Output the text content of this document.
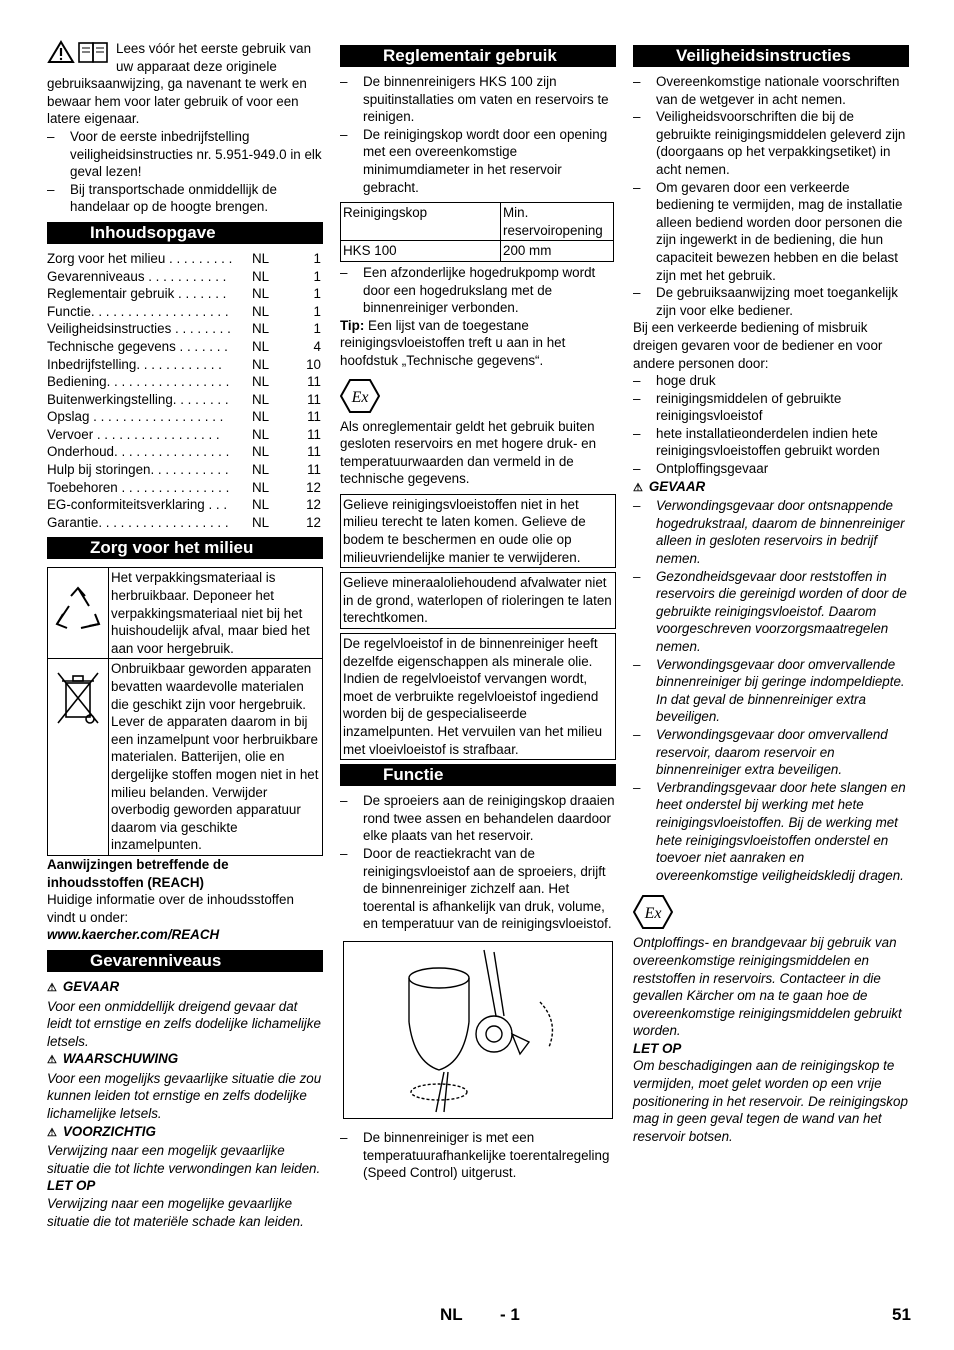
Lees vóór het eerste gebruik van uw apparaat deze originele gebruiksaanwijzing, ga navenant te werk en bewaar hem voor later gebruik of voor een latere eigenaar.

– Voor de eerste inbedrijfstelling veiligheidsinstructies nr. 5.951-949.0 in elk geval lezen!

– Bij transportschade onmiddellijk de handelaar op de hoogte brengen.

Inhoudsopgave
Zorg voor het milieu . . . . . . . . .	NL	1
Gevarenniveaus . . . . . . . . . . .	NL	1
Reglementair gebruik . . . . . . .	NL	1
Functie. . . . . . . . . . . . . . . . . . .	NL	1
Veiligheidsinstructies . . . . . . . .	NL	1
Technische gegevens . . . . . . .	NL	4
Inbedrijfstelling. . . . . . . . . . . .	NL	10
Bediening. . . . . . . . . . . . . . . . .	NL	11
Buitenwerkingstelling. . . . . . . .	NL	11
Opslag . . . . . . . . . . . . . . . . . .	NL	11
Vervoer . . . . . . . . . . . . . . . . .	NL	11
Onderhoud. . . . . . . . . . . . . . . .	NL	11
Hulp bij storingen. . . . . . . . . . .	NL	11
Toebehoren . . . . . . . . . . . . . . .	NL	12
EG-conformiteitsverklaring . . .	NL	12
Garantie. . . . . . . . . . . . . . . . . .	NL	12
Zorg voor het milieu
	Het verpakkingsmateriaal is herbruikbaar. Deponeer het verpakkingsmateriaal niet bij het huishoudelijk afval, maar bied het aan voor hergebruik.
	Onbruikbaar geworden apparaten bevatten waardevolle materialen die geschikt zijn voor hergebruik. Lever de apparaten daarom in bij een inzamelpunt voor herbruikbare materialen. Batterijen, olie en dergelijke stoffen mogen niet in het milieu belanden. Verwijder overbodig geworden apparatuur daarom via geschikte inzamelpunten.

Aanwijzingen betreffende de inhoudsstoffen (REACH)

Huidige informatie over de inhoudsstoffen vindt u onder:

www.kaercher.com/REACH

Gevarenniveaus

⚠ GEVAAR

Voor een onmiddellijk dreigend gevaar dat leidt tot ernstige en zelfs dodelijke lichamelijke letsels.

⚠ WAARSCHUWING

Voor een mogelijks gevaarlijke situatie die zou kunnen leiden tot ernstige en zelfs dodelijke lichamelijke letsels.

⚠ VOORZICHTIG

Verwijzing naar een mogelijk gevaarlijke situatie die tot lichte verwondingen kan leiden.

LET OP

Verwijzing naar een mogelijke gevaarlijke situatie die tot materiële schade kan leiden.

Reglementair gebruik

– De binnenreinigers HKS 100 zijn spuitinstallaties om vaten en reservoirs te reinigen.

– De reinigingskop wordt door een opening met een overeenkomstige minimumdiameter in het reservoir gebracht.

Reinigingskop	Min. reservoiropening
HKS 100	200 mm

– Een afzonderlijke hogedrukpomp wordt door een hogedrukslang met de binnenreiniger verbonden.

Tip: Een lijst van de toegestane reinigingsvloeistoffen treft u aan in het hoofdstuk „Technische gegevens“.

Ex

Als onreglementair geldt het gebruik buiten gesloten reservoirs en met hogere druk- en temperatuurwaarden dan vermeld in de technische gegevens.

Gelieve reinigingsvloeistoffen niet in het milieu terecht te laten komen. Gelieve de bodem te beschermen en oude olie op milieuvriendelijke manier te verwijderen.
Gelieve mineraaloliehoudend afvalwater niet in de grond, waterlopen of rioleringen te laten terechtkomen.
De regelvloeistof in de binnenreiniger heeft dezelfde eigenschappen als minerale olie. Indien de regelvloeistof vervangen wordt, moet de verbruikte regelvloeistof ingediend worden bij de gespecialiseerde inzamelpunten. Het vervuilen van het milieu met vloeivloeistof is strafbaar.
Functie

– De sproeiers aan de reinigingskop draaien rond twee assen en behandelen daardoor elke plaats van het reservoir.

– Door de reactiekracht van de reinigingsvloeistof aan de sproeiers, drijft de binnenreiniger zichzelf aan. Het toerental is afhankelijk van druk, volume, en temperatuur van de reinigingsvloeistof.

– De binnenreiniger is met een temperatuurafhankelijke toerentalregeling (Speed Control) uitgerust.

Veiligheidsinstructies

– Overeenkomstige nationale voorschriften van de wetgever in acht nemen.

– Veiligheidsvoorschriften die bij de gebruikte reinigingsmiddelen geleverd zijn (doorgaans op het verpakkingsetiket) in acht nemen.

– Om gevaren door een verkeerde bediening te vermijden, mag de installatie alleen bediend worden door personen die zijn ingewerkt in de bediening, die hun capaciteit bewezen hebben en die belast zijn met het gebruik.

– De gebruiksaanwijzing moet toegankelijk zijn voor elke bediener.

Bij een verkeerde bediening of misbruik dreigen gevaren voor de bediener en voor andere personen door:

– hoge druk

– reinigingsmiddelen of gebruikte reinigingsvloeistof

– hete installatieonderdelen indien hete reinigingsvloeistoffen gebruikt worden

– Ontploffingsgevaar

⚠ GEVAAR

– Verwondingsgevaar door ontsnappende hogedrukstraal, daarom de binnenreiniger alleen in gesloten reservoirs in bedrijf nemen.

– Gezondheidsgevaar door reststoffen in reservoirs die gereinigd worden of door de gebruikte reinigingsvloeistof. Daarom voorgeschreven voorzorgsmaatregelen nemen.

– Verwondingsgevaar door omvervallende binnenreiniger bij geringe indompeldiepte. In dat geval de binnenreiniger extra beveiligen.

– Verwondingsgevaar door omvervallend reservoir, daarom reservoir en binnenreiniger extra beveiligen.

– Verbrandingsgevaar door hete slangen en heet onderstel bij werking met hete reinigingsvloeistoffen. Bij de werking met hete reinigingsvloeistoffen onderstel en toevoer niet aanraken en overeenkomstige veiligheidskledij dragen.

Ex

Ontploffings- en brandgevaar bij gebruik van overeenkomstige reinigingsmiddelen en reststoffen in reservoirs. Contacteer in die gevallen Kärcher om na te gaan hoe de overeenkomstige reinigingsmiddelen gebruikt worden.

LET OP

Om beschadigingen aan de reinigingskop te vermijden, moet gelet worden op een vrije positionering in het reservoir. De reinigingskop mag in geen geval tegen de wand van het reservoir botsen.

NL - 1	51
